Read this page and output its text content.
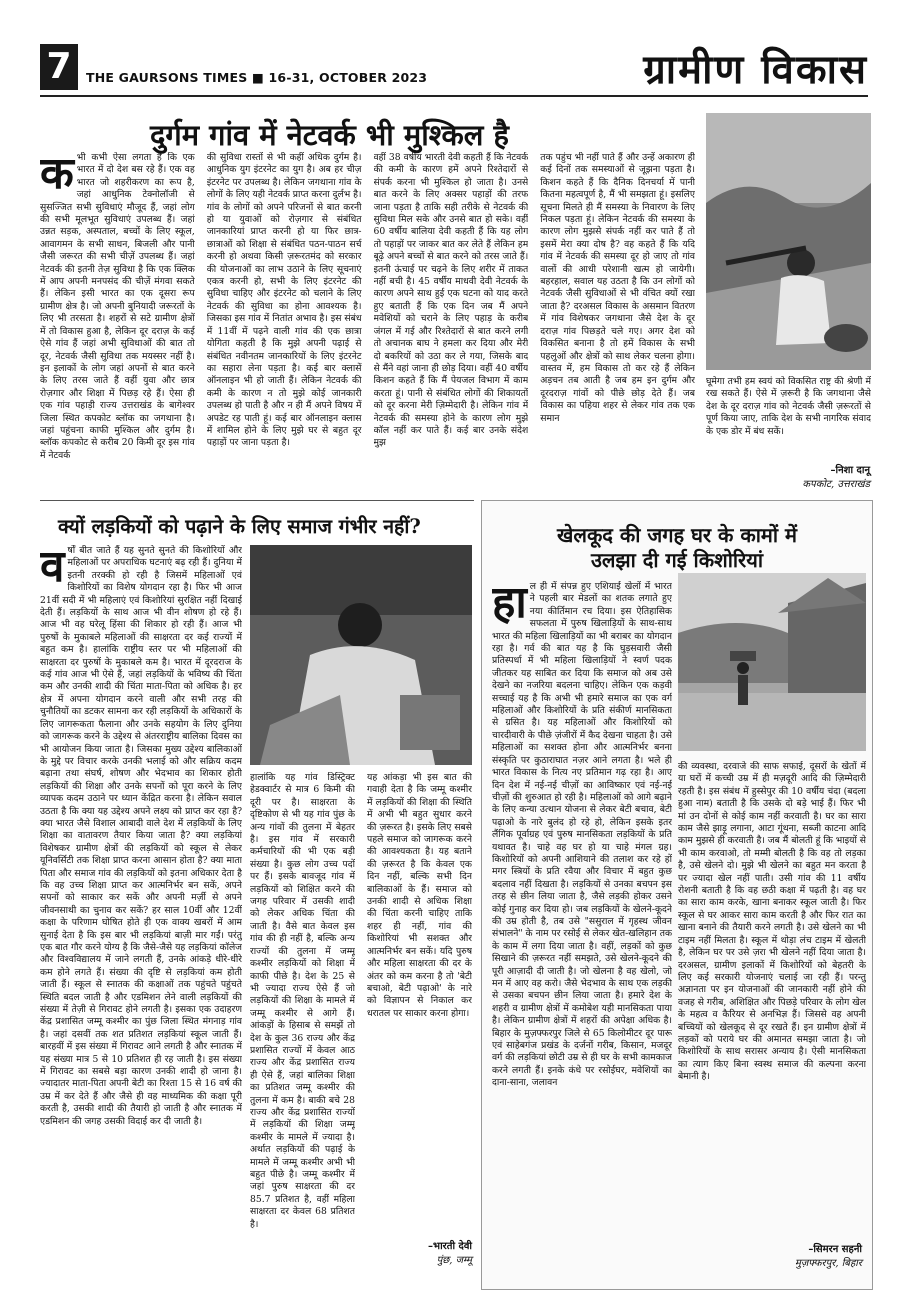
7	THE GAURSONS TIMES ■ 16-31, OCTOBER 2023	ग्रामीण विकास
दुर्गम गांव में नेटवर्क भी मुश्किल है
क भी कभी ऐसा लगता है कि एक भारत में दो देश बस रहे हैं। एक वह भारत जो शहरीकरण का रूप है, जहां आधुनिक टेक्नोलॉजी से सुसज्जित सभी सुविधाएं मौजूद हैं, जहां लोग की सभी मूलभूत सुविधाएं उपलब्ध हैं। जहां उन्नत सड़क, अस्पताल, बच्चों के लिए स्कूल, आवागमन के सभी साधन, बिजली और पानी जैसी जरूरत की सभी चीज़ें उपलब्ध हैं। जहां नेटवर्क की इतनी तेज़ सुविधा है कि एक क्लिक में आप अपनी मनपसंद की चीज़ें मंगवा सकते हैं। लेकिन इसी भारत का एक दूसरा रूप ग्रामीण क्षेत्र है। जो अपनी बुनियादी जरूरतों के लिए भी तरसता है। शहरों से सटे ग्रामीण क्षेत्रों में तो विकास हुआ है, लेकिन दूर दराज़ के कई ऐसे गांव हैं जहां अभी सुविधाओं की बात तो दूर, नेटवर्क जैसी सुविधा तक मयस्सर नहीं है। इन इलाकों के लोग जहां अपनों से बात करने के लिए तरस जाते हैं वहीं युवा और छात्र रोज़गार और शिक्षा में पिछड़ रहे हैं। ऐसा ही एक गांव पहाड़ी राज्य उत्तराखंड के बागेश्वर जिला स्थित कपकोट ब्लॉक का जगथाना है। जहां पहुंचना काफी मुश्किल और दुर्गम है। ब्लॉक कपकोट से करीब 20 किमी दूर इस गांव में नेटवर्क
की सुविधा रास्तों से भी कहीं अधिक दुर्गम है। आधुनिक युग इंटरनेट का युग है। अब हर चीज़ इंटरनेट पर उपलब्ध है। लेकिन जगथाना गांव के लोगों के लिए यही नेटवर्क प्राप्त करना दुर्लभ है। गांव के लोगों को अपने परिजनों से बात करनी हो या युवाओं को रोज़गार से संबंधित जानकारियां प्राप्त करनी हो या फिर छात्र-छात्राओं को शिक्षा से संबंधित पठन-पाठन सर्च करनी हो अथवा किसी ज़रूरतमंद को सरकार की योजनाओं का लाभ उठाने के लिए सूचनाएं एकत्र करनी हो, सभी के लिए इंटरनेट की सुविधा चाहिए और इंटरनेट को चलाने के लिए नेटवर्क की सुविधा का होना आवश्यक है। जिसका इस गांव में नितांत अभाव है। इस संबंध में 11वीं में पढ़ने वाली गांव की एक छात्रा योगिता कहती है कि मुझे अपनी पढ़ाई से संबंधित नवीनतम जानकारियों के लिए इंटरनेट का सहारा लेना पड़ता है। कई बार क्लासें ऑनलाइन भी हो जाती हैं। लेकिन नेटवर्क की कमी के कारण न तो मुझे कोई जानकारी उपलब्ध हो पाती है और न ही मैं अपने विषय में अपडेट रह पाती हूं। कई बार ऑनलाइन क्लास में शामिल होने के लिए मुझे घर से बहुत दूर पहाड़ों पर जाना पड़ता है।
वहीं 38 वर्षीय भारती देवी कहती हैं कि नेटवर्क की कमी के कारण हमें अपने रिश्तेदारों से संपर्क करना भी मुश्किल हो जाता है। उनसे बात करने के लिए अक्सर पहाड़ों की तरफ जाना पड़ता है ताकि सही तरीके से नेटवर्क की सुविधा मिल सके और उनसे बात हो सके। वहीं 60 वर्षीय बालिया देवी कहती हैं कि यह लोग तो पहाड़ों पर जाकर बात कर लेते हैं लेकिन हम बूढ़े अपने बच्चों से बात करने को तरस जाते हैं। इतनी ऊंचाई पर चढ़ने के लिए शरीर में ताकत नहीं बची है। 45 वर्षीय माधवी देवी नेटवर्क के कारण अपने साथ हुई एक घटना को याद करते हुए बताती हैं कि एक दिन जब मैं अपने मवेशियों को चराने के लिए पहाड़ के करीब जंगल में गई और रिश्तेदारों से बात करने लगी तो अचानक बाघ ने हमला कर दिया और मेरी दो बकरियों को उठा कर ले गया, जिसके बाद से मैंने वहां जाना ही छोड़ दिया। वहीं 40 वर्षीय किशन कहते हैं कि मैं पेयजल विभाग में काम करता हूं। पानी से संबंधित लोगों की शिकायतों को दूर करना मेरी ज़िम्मेदारी है। लेकिन गांव में नेटवर्क की समस्या होने के कारण लोग मुझे कॉल नहीं कर पाते हैं। कई बार उनके संदेश मुझ
तक पहुंच भी नहीं पाते हैं और उन्हें अकारण ही कई दिनों तक समस्याओं से जूझना पड़ता है। किशन कहते हैं कि दैनिक दिनचर्या में पानी कितना महत्वपूर्ण है, मैं भी समझता हूं। इसलिए सूचना मिलते ही मैं समस्या के निवारण के लिए निकल पड़ता हूं। लेकिन नेटवर्क की समस्या के कारण लोग मुझसे संपर्क नहीं कर पाते हैं तो इसमें मेरा क्या दोष है? वह कहते हैं कि यदि गांव में नेटवर्क की समस्या दूर हो जाए तो गांव वालों की आधी परेशानी खत्म हो जायेगी। बहरहाल, सवाल यह उठता है कि उन लोगों को नेटवर्क जैसी सुविधाओं से भी वंचित क्यों रखा जाता है? दरअसल विकास के असमान वितरण में गांव विशेषकर जगथाना जैसे देश के दूर दराज़ गांव पिछड़ते चले गए। अगर देश को विकसित बनाना है तो हमें विकास के सभी पहलुओं और क्षेत्रों को साथ लेकर चलना होगा। वास्तव में, हम विकास तो कर रहे हैं लेकिन अड़चन तब आती है जब हम इन दुर्गम और दूरदराज़ गांवों को पीछे छोड़ देते हैं। जब विकास का पहिया शहर से लेकर गांव तक एक समान
घूमेगा तभी हम स्वयं को विकसित राष्ट्र की श्रेणी में रख सकते हैं। ऐसे में ज़रूरी है कि जगथाना जैसे देश के दूर दराज़ गांव को नेटवर्क जैसी ज़रूरतों से पूर्ण किया जाए, ताकि देश के सभी नागरिक संवाद के एक डोर में बंध सकें।
–निशा दानू
कपकोट, उत्तराखंड
क्यों लड़कियों को पढ़ाने के लिए समाज गंभीर नहीं?
व र्षों बीत जाते हैं यह सुनते सुनते की किशोरियों और महिलाओं पर अपराधिक घटनाएं बढ़ रही हैं। दुनिया में इतनी तरक्की हो रही है जिसमें महिलाओं एवं किशोरियों का विशेष योगदान रहा है। फिर भी आज 21वीं सदी में भी महिलाएं एवं किशोरियां सुरक्षित नहीं दिखाई देती हैं। लड़कियों के साथ आज भी वीन शोषण हो रहे हैं। आज भी वह घरेलू हिंसा की शिकार हो रही हैं। आज भी पुरुषों के मुकाबले महिलाओं की साक्षरता दर कई राज्यों में बहुत कम है। हालांकि राष्ट्रीय स्तर पर भी महिलाओं की साक्षरता दर पुरुषों के मुकाबले कम है। भारत में दूरदराज के कई गांव आज भी ऐसे हैं, जहां लड़कियों के भविष्य की चिंता कम और उनकी शादी की चिंता माता-पिता को अधिक है। हर क्षेत्र में अपना योगदान करने वाली और सभी तरह की चुनौतियों का डटकर सामना कर रही लड़कियों के अधिकारों के लिए जागरूकता फैलाना और उनके सहयोग के लिए दुनिया को जागरूक करने के उद्देश्य से अंतरराष्ट्रीय बालिका दिवस का भी आयोजन किया जाता है। जिसका मुख्य उद्देश्य बालिकाओं के मुद्दे पर विचार करके उनकी भलाई को और सक्रिय कदम बढ़ाना तथा संघर्ष, शोषण और भेदभाव का शिकार होती लड़कियों की शिक्षा और उनके सपनों को पूरा करने के लिए व्यापक कदम उठाने पर ध्यान केंद्रित करना है। लेकिन सवाल उठता है कि क्या यह उद्देश्य अपने लक्ष्य को प्राप्त कर रहा है? क्या भारत जैसे विशाल आबादी वाले देश में लड़कियों के लिए शिक्षा का वातावरण तैयार किया जाता है? क्या लड़कियां विशेषकर ग्रामीण क्षेत्रों की लड़कियों को स्कूल से लेकर यूनिवर्सिटी तक शिक्षा प्राप्त करना आसान होता है? क्या माता पिता और समाज गांव की लड़कियों को इतना अधिकार देता है कि वह उच्च शिक्षा प्राप्त कर आत्मनिर्भर बन सकें, अपने सपनों को साकार कर सकें और अपनी मर्ज़ी से अपने जीवनसाथी का चुनाव कर सकें? हर साल 10वीं और 12वीं कक्षा के परिणाम घोषित होते ही एक वाक्य खबरों में आम सुनाई देता है कि इस बार भी लड़कियां बाज़ी मार गईं। परंतु एक बात गौर करने योग्य है कि जैसे-जैसे यह लड़कियां कॉलेज और विश्वविद्यालय में जाने लगती हैं, उनके आंकड़े धीरे-धीरे कम होने लगते हैं। संख्या की दृष्टि से लड़कियां कम होती जाती हैं। स्कूल से स्नातक की कक्षाओं तक पहुंचते पहुंचते स्थिति बदल जाती है और एडमिशन लेने वाली लड़कियों की संख्या में तेज़ी से गिरावट होने लगती है। इसका एक उदाहरण केंद्र प्रशासित जम्मू कश्मीर का पुंछ जिला स्थित मंगनाड़ गांव है। जहां दसवीं तक शत प्रतिशत लड़कियां स्कूल जाती हैं। बारहवीं में इस संख्या में गिरावट आने लगती है और स्नातक में यह संख्या मात्र 5 से 10 प्रतिशत ही रह जाती है। इस संख्या में गिरावट का सबसे बड़ा कारण उनकी शादी हो जाना है। ज्यादातर माता-पिता अपनी बेटी का रिश्ता 15 से 16 वर्ष की उम्र में कर देते हैं और जैसे ही वह माध्यमिक की कक्षा पूरी करती है, उसकी शादी की तैयारी हो जाती है और स्नातक में एडमिशन की जगह उसकी विदाई कर दी जाती है।
हालांकि यह गांव डिस्ट्रिक्ट हेडक्वार्टर से मात्र 6 किमी की दूरी पर है। साक्षरता के दृष्टिकोण से भी यह गांव पुंछ के अन्य गांवों की तुलना में बेहतर है। इस गांव में सरकारी कर्मचारियों की भी एक बड़ी संख्या है। कुछ लोग उच्च पदों पर हैं। इसके बावजूद गांव में लड़कियों को शिक्षित करने की जगह परिवार में उसकी शादी को लेकर अधिक चिंता की जाती है। वैसे बात केवल इस गांव की ही नहीं है, बल्कि अन्य राज्यों की तुलना में जम्मू कश्मीर लड़कियों को शिक्षा में काफी पीछे है। देश के 25 से भी ज्यादा राज्य ऐसे हैं जो लड़कियों की शिक्षा के मामले में जम्मू कश्मीर से आगे हैं। आंकड़ों के हिसाब से समझें तो देश के कुल 36 राज्य और केंद्र प्रशासित राज्यों में केवल आठ राज्य और केंद्र प्रशासित राज्य ही ऐसे हैं, जहां बालिका शिक्षा का प्रतिशत जम्मू कश्मीर की तुलना में कम है। बाकी बचे 28 राज्य और केंद्र प्रशासित राज्यों में लड़कियों की शिक्षा जम्मू कश्मीर के मामले में ज्यादा है। अर्थात लड़कियों की पढ़ाई के मामले में जम्मू कश्मीर अभी भी बहुत पीछे है। जम्मू कश्मीर में जहां पुरुष साक्षरता की दर 85.7 प्रतिशत है, वहीं महिला साक्षरता दर केवल 68 प्रतिशत है।
यह आंकड़ा भी इस बात की गवाही देता है कि जम्मू कश्मीर में लड़कियों की शिक्षा की स्थिति में अभी भी बहुत सुधार करने की ज़रूरत है। इसके लिए सबसे पहले समाज को जागरूक करने की आवश्यकता है। यह बताने की ज़रूरत है कि केवल एक दिन नहीं, बल्कि सभी दिन बालिकाओं के हैं। समाज को उनकी शादी से अधिक शिक्षा की चिंता करनी चाहिए ताकि शहर ही नहीं, गांव की किशोरियां भी सशक्त और आत्मनिर्भर बन सकें। यदि पुरुष और महिला साक्षरता की दर के अंतर को कम करना है तो 'बेटी बचाओ, बेटी पढ़ाओ' के नारे को विज्ञापन से निकाल कर धरातल पर साकार करना होगा।
–भारती देवी
पुंछ, जम्मू
खेलकूद की जगह घर के कामों में
उलझा दी गई किशोरियां
हा ल ही में संपन्न हुए एशियाई खेलों में भारत ने पहली बार मेडलों का शतक लगाते हुए नया कीर्तिमान रच दिया। इस ऐतिहासिक सफलता में पुरुष खिलाड़ियों के साथ-साथ भारत की महिला खिलाड़ियों का भी बराबर का योगदान रहा है। गर्व की बात यह है कि घुड़सवारी जैसी प्रतिस्पर्धा में भी महिला खिलाड़ियों ने स्वर्ण पदक जीतकर यह साबित कर दिया कि समाज को अब उसे देखने का नजरिया बदलना चाहिए। लेकिन एक कड़वी सच्चाई यह है कि अभी भी हमारे समाज का एक वर्ग महिलाओं और किशोरियों के प्रति संकीर्ण मानसिकता से ग्रसित है। यह महिलाओं और किशोरियों को चारदीवारी के पीछे ज़ंजीरों में कैद देखना चाहता है। उसे महिलाओं का सशक्त होना और आत्मनिर्भर बनना संस्कृति पर कुठाराघात नज़र आने लगता है। भले ही भारत विकास के नित्य नए प्रतिमान गढ़ रहा है। आए दिन देश में नई-नई चीज़ों का आविष्कार एवं नई-नई चीज़ों की शुरुआत हो रही है। महिलाओं को आगे बढ़ाने के लिए कन्या उत्थान योजना से लेकर बेटी बचाव, बेटी पढ़ाओ के नारे बुलंद हो रहे हो, लेकिन इसके इतर लैंगिक पूर्वाग्रह एवं पुरुष मानसिकता लड़कियों के प्रति यथावत है। चाहे वह घर हो या चाहे मंगल ग्रह। किशोरियों को अपनी आशियाने की तलाश कर रहे हों मगर स्त्रियों के प्रति रवैया और विचार में बहुत कुछ बदलाव नहीं दिखता है। लड़कियों से उनका बचपन इस तरह से छीन लिया जाता है, जैसे लड़की होकर उसने कोई गुनाह कर दिया हो। जब लड़कियों के खेलने-कूदने की उम्र होती है, तब उसे "ससुराल में गृहस्थ जीवन संभालने" के नाम पर रसोई से लेकर खेत-खलिहान तक के काम में लगा दिया जाता है। वहीं, लड़कों को कुछ सिखाने की ज़रूरत नहीं समझते, उसे खेलने-कूदने की पूरी आज़ादी दी जाती है। जो खेलना है वह खेलो, जो मन में आए वह करो। जैसे भेदभाव के साथ एक लड़की से उसका बचपन छीन लिया जाता है। हमारे देश के शहरी व ग्रामीण क्षेत्रों में कमोबेश यही मानसिकता पाया है। लेकिन ग्रामीण क्षेत्रों में शहरों की अपेक्षा अधिक है। बिहार के मुज़फ्फरपुर जिले से 65 किलोमीटर दूर पारू एवं साहेबगंज प्रखंड के दर्जनों गरीब, किसान, मजदूर वर्ग की लड़कियां छोटी उम्र से ही घर के सभी कामकाज करने लगती हैं। इनके कंधे पर रसोईघर, मवेशियों का दाना-साना, जलावन
की व्यवस्था, दरवाजे की साफ सफाई, दूसरों के खेतों में या घरों में कच्ची उम्र में ही मज़दूरी आदि की ज़िम्मेदारी रहती है। इस संबंध में हुस्सेपुर की 10 वर्षीय चंदा (बदला हुआ नाम) बताती है कि उसके दो बड़े भाई हैं। फिर भी मां उन दोनों से कोई काम नहीं करवाती है। घर का सारा काम जैसे झाड़ू लगाना, आटा गूंथना, सब्जी काटना आदि काम मुझसे ही करवाती है। जब मैं बोलती हूं कि भाइयों से भी काम करवाओ, तो मम्मी बोलती है कि वह तो लड़का है, उसे खेलने दो। मुझे भी खेलने का बहुत मन करता है पर ज्यादा खेल नहीं पाती। उसी गांव की 11 वर्षीय रोशनी बताती है कि वह छठी कक्षा में पढ़ती है। वह घर का सारा काम करके, खाना बनाकर स्कूल जाती है। फिर स्कूल से घर आकर सारा काम करती है और फिर रात का खाना बनाने की तैयारी करने लगती है। उसे खेलने का भी टाइम नहीं मिलता है। स्कूल में थोड़ा लंच टाइम में खेलती है, लेकिन घर पर उसे ज़रा भी खेलने नहीं दिया जाता है। दरअसल, ग्रामीण इलाकों में किशोरियों को बेहतरी के लिए कई सरकारी योजनाएं चलाई जा रही हैं। परन्तु अज्ञानता पर इन योजनाओं की जानकारी नहीं होने की वजह से गरीब, अशिक्षित और पिछड़े परिवार के लोग खेल के महत्व व कैरियर से अनभिज्ञ हैं। जिससे वह अपनी बच्चियों को खेलकूद से दूर रखते हैं। इन ग्रामीण क्षेत्रों में लड़कों को पराये घर की अमानत समझा जाता है। जो किशोरियों के साथ सरासर अन्याय है। ऐसी मानसिकता का त्याग किए बिना स्वस्थ समाज की कल्पना करना बेमानी है।
–सिमरन सहनी
मुज़फ्फरपुर, बिहार
